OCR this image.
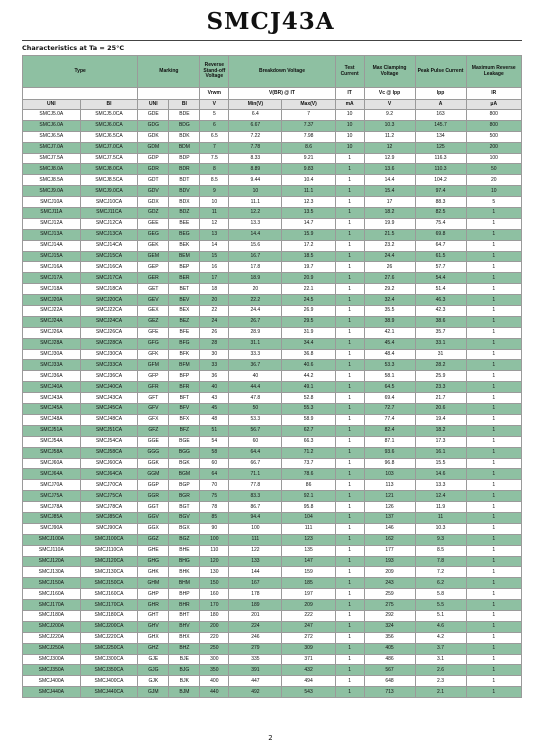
SMCJ43A
Characteristics at Ta = 25°C
Type		Marking		Reverse Stand-off Voltage	Breakdown Voltage		Test Current	Max Clamping Voltage	Peak Pulse Current	Maximum Reverse Leakage
				Vrwm	V(BR) @ IT		IT	Vc @ Ipp	Ipp	IR
UNI	BI	UNI	BI	V	Min(V)	Max(V)	mA	V	A	μA
SMCJ5.0A	SMCJ5.0CA	GDE	BDE	5	6.4	7	10	9.2	163	800
SMCJ6.0A	SMCJ6.0CA	GDG	BDG	6	6.67	7.37	10	10.3	145.7	800
SMCJ6.5A	SMCJ6.5CA	GDK	BDK	6.5	7.22	7.98	10	11.2	134	500
SMCJ7.0A	SMCJ7.0CA	GDM	BDM	7	7.78	8.6	10	12	125	200
SMCJ7.5A	SMCJ7.5CA	GDP	BDP	7.5	8.33	9.21	1	12.9	116.3	100
SMCJ8.0A	SMCJ8.0CA	GDR	BDR	8	8.89	9.83	1	13.6	110.3	50
SMCJ8.5A	SMCJ8.5CA	GDT	BDT	8.5	9.44	10.4	1	14.4	104.2	20
SMCJ9.0A	SMCJ9.0CA	GDV	BDV	9	10	11.1	1	15.4	97.4	10
SMCJ10A	SMCJ10CA	GDX	BDX	10	11.1	12.3	1	17	88.3	5
SMCJ11A	SMCJ11CA	GDZ	BDZ	11	12.2	13.5	1	18.2	82.5	1
SMCJ12A	SMCJ12CA	GEE	BEE	12	13.3	14.7	1	19.9	75.4	1
SMCJ13A	SMCJ13CA	GEG	BEG	13	14.4	15.9	1	21.5	69.8	1
SMCJ14A	SMCJ14CA	GEK	BEK	14	15.6	17.2	1	23.2	64.7	1
SMCJ15A	SMCJ15CA	GEM	BEM	15	16.7	18.5	1	24.4	61.5	1
SMCJ16A	SMCJ16CA	GEP	BEP	16	17.8	19.7	1	26	57.7	1
SMCJ17A	SMCJ17CA	GER	BER	17	18.9	20.9	1	27.6	54.4	1
SMCJ18A	SMCJ18CA	GET	BET	18	20	22.1	1	29.2	51.4	1
SMCJ20A	SMCJ20CA	GEV	BEV	20	22.2	24.5	1	32.4	46.3	1
SMCJ22A	SMCJ22CA	GEX	BEX	22	24.4	26.9	1	35.5	42.3	1
SMCJ24A	SMCJ24CA	GEZ	BEZ	24	26.7	29.5	1	38.9	38.6	1
SMCJ26A	SMCJ26CA	GFE	BFE	26	28.9	31.9	1	42.1	35.7	1
SMCJ28A	SMCJ28CA	GFG	BFG	28	31.1	34.4	1	45.4	33.1	1
SMCJ30A	SMCJ30CA	GFK	BFK	30	33.3	36.8	1	48.4	31	1
SMCJ33A	SMCJ33CA	GFM	BFM	33	36.7	40.6	1	53.3	28.2	1
SMCJ36A	SMCJ36CA	GFP	BFP	36	40	44.2	1	58.1	25.9	1
SMCJ40A	SMCJ40CA	GFR	BFR	40	44.4	49.1	1	64.5	23.3	1
SMCJ43A	SMCJ43CA	GFT	BFT	43	47.8	52.8	1	69.4	21.7	1
SMCJ45A	SMCJ45CA	GFV	BFV	45	50	55.3	1	72.7	20.6	1
SMCJ48A	SMCJ48CA	GFX	BFX	48	53.3	58.9	1	77.4	19.4	1
SMCJ51A	SMCJ51CA	GFZ	BFZ	51	56.7	62.7	1	82.4	18.2	1
SMCJ54A	SMCJ54CA	GGE	BGE	54	60	66.3	1	87.1	17.3	1
SMCJ58A	SMCJ58CA	GGG	BGG	58	64.4	71.2	1	93.6	16.1	1
SMCJ60A	SMCJ60CA	GGK	BGK	60	66.7	73.7	1	96.8	15.5	1
SMCJ64A	SMCJ64CA	GGM	BGM	64	71.1	78.6	1	103	14.6	1
SMCJ70A	SMCJ70CA	GGP	BGP	70	77.8	86	1	113	13.3	1
SMCJ75A	SMCJ75CA	GGR	BGR	75	83.3	92.1	1	121	12.4	1
SMCJ78A	SMCJ78CA	GGT	BGT	78	86.7	95.8	1	126	11.9	1
SMCJ85A	SMCJ85CA	GGV	BGV	85	94.4	104	1	137	11	1
SMCJ90A	SMCJ90CA	GGX	BGX	90	100	111	1	146	10.3	1
SMCJ100A	SMCJ100CA	GGZ	BGZ	100	111	123	1	162	9.3	1
SMCJ110A	SMCJ110CA	GHE	BHE	110	122	135	1	177	8.5	1
SMCJ120A	SMCJ120CA	GHG	BHG	120	133	147	1	193	7.8	1
SMCJ130A	SMCJ130CA	GHK	BHK	130	144	159	1	209	7.2	1
SMCJ150A	SMCJ150CA	GHM	BHM	150	167	185	1	243	6.2	1
SMCJ160A	SMCJ160CA	GHP	BHP	160	178	197	1	259	5.8	1
SMCJ170A	SMCJ170CA	GHR	BHR	170	189	209	1	275	5.5	1
SMCJ180A	SMCJ180CA	GHT	BHT	180	201	222	1	292	5.1	1
SMCJ200A	SMCJ200CA	GHV	BHV	200	224	247	1	324	4.6	1
SMCJ220A	SMCJ220CA	GHX	BHX	220	246	272	1	356	4.2	1
SMCJ250A	SMCJ250CA	GHZ	BHZ	250	279	309	1	405	3.7	1
SMCJ300A	SMCJ300CA	GJE	BJE	300	335	371	1	486	3.1	1
SMCJ350A	SMCJ350CA	GJG	BJG	350	391	432	1	567	2.6	1
SMCJ400A	SMCJ400CA	GJK	BJK	400	447	494	1	648	2.3	1
SMCJ440A	SMCJ440CA	GJM	BJM	440	492	543	1	713	2.1	1
2
